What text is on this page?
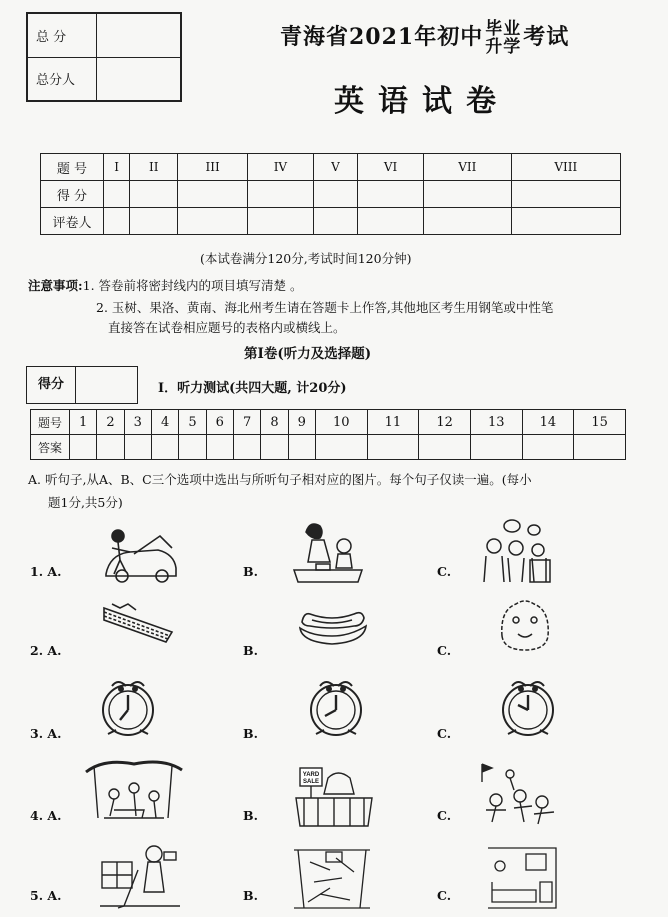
总 分	
总分人	
青海省2021年初中 毕业
升学考试
英语试卷
题 号	I	II	III	IV	V	VI	VII	VIII
得 分								
评卷人								
(本试卷满分120分,考试时间120分钟)
注意事项:1. 答卷前将密封线内的项目填写清楚 。
2. 玉树、果洛、黄南、海北州考生请在答题卡上作答,其他地区考生用钢笔或中性笔
直接答在试卷相应题号的表格内或横线上。
第Ⅰ卷(听力及选择题)
得分	I．听力测试(共四大题, 计20分)
题号	1	2	3	4	5	6	7	8	9	10	11	12	13	14	15
答案															
A. 听句子,从A、B、C三个选项中选出与所听句子相对应的图片。每个句子仅读一遍。(每小
题1分,共5分)
1. A.	B.	C.
2. A.	B.	C.
3. A.	B.	C.
4. A.	B.	C.
5. A.	B.	C.
YARD SALE
